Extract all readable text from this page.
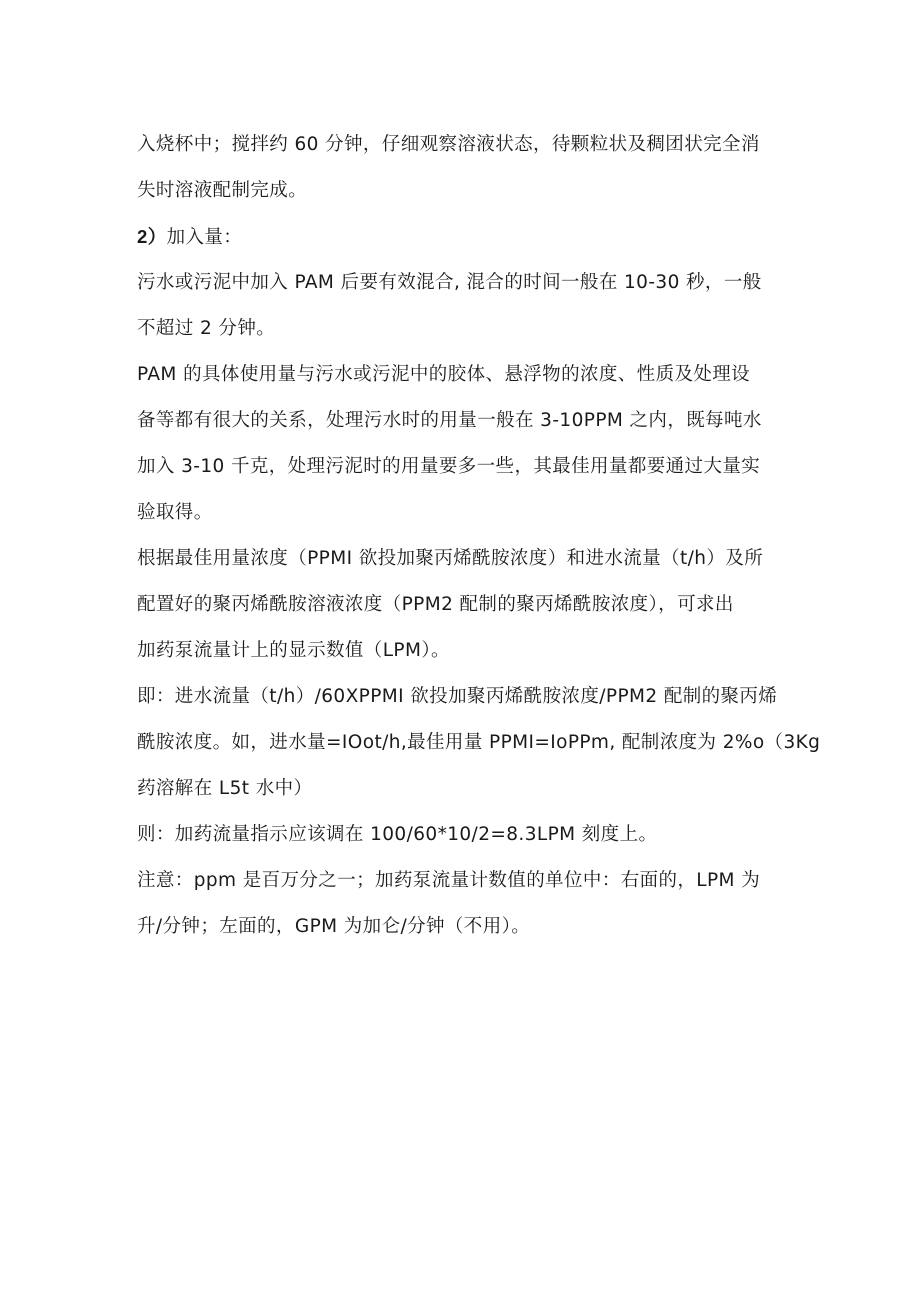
入烧杯中；搅拌约 60 分钟，仔细观察溶液状态，待颗粒状及稠团状完全消
失时溶液配制完成。

2）加入量：

污水或污泥中加入 PAM 后要有效混合, 混合的时间一般在 10-30 秒，一般
不超过 2 分钟。

PAM 的具体使用量与污水或污泥中的胶体、悬浮物的浓度、性质及处理设
备等都有很大的关系，处理污水时的用量一般在 3-10PPM 之内，既每吨水
加入 3-10 千克，处理污泥时的用量要多一些，其最佳用量都要通过大量实
验取得。

根据最佳用量浓度（PPMI 欲投加聚丙烯酰胺浓度）和进水流量（t/h）及所
配置好的聚丙烯酰胺溶液浓度（PPM2 配制的聚丙烯酰胺浓度），可求出
加药泵流量计上的显示数值（LPM）。

即：进水流量（t/h）/60XPPMI 欲投加聚丙烯酰胺浓度/PPM2 配制的聚丙烯
酰胺浓度。如，进水量=IOot/h,最佳用量 PPMI=IoPPm, 配制浓度为 2%o（3Kg
药溶解在 L5t 水中）

则：加药流量指示应该调在 100/60*10/2=8.3LPM 刻度上。

注意：ppm 是百万分之一；加药泵流量计数值的单位中：右面的，LPM 为
升/分钟；左面的，GPM 为加仑/分钟（不用）。
